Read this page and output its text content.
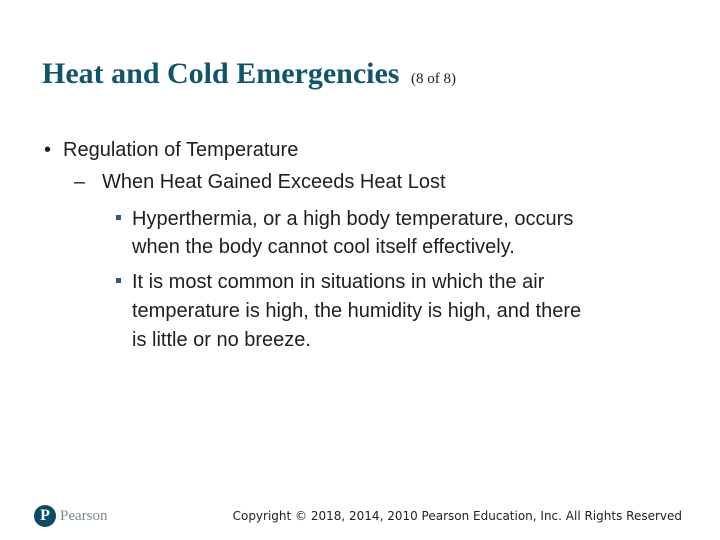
Heat and Cold Emergencies (8 of 8)
• Regulation of Temperature
– When Heat Gained Exceeds Heat Lost
Hyperthermia, or a high body temperature, occurs
when the body cannot cool itself effectively.
It is most common in situations in which the air
temperature is high, the humidity is high, and there
is little or no breeze.
P Pearson	Copyright © 2018, 2014, 2010 Pearson Education, Inc. All Rights Reserved
